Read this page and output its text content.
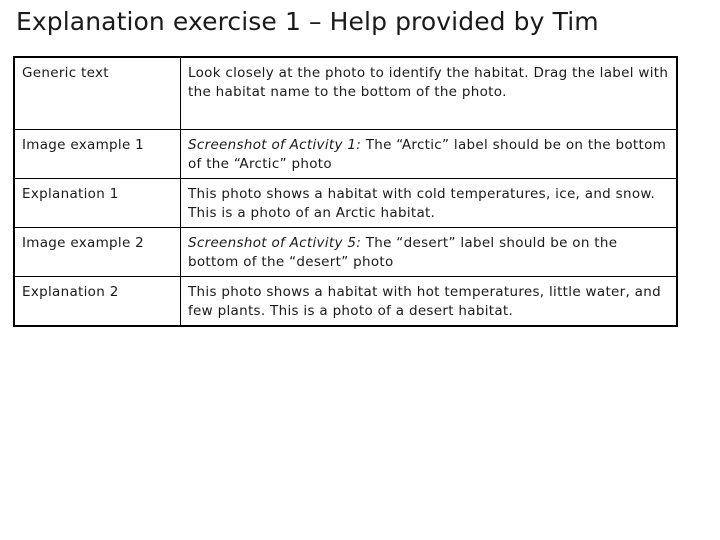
Explanation exercise 1 – Help provided by Tim
Generic text	Look closely at the photo to identify the habitat. Drag the label with the habitat name to the bottom of the photo.
Image example 1	Screenshot of Activity 1: The “Arctic” label should be on the bottom of the “Arctic” photo
Explanation 1	This photo shows a habitat with cold temperatures, ice, and snow. This is a photo of an Arctic habitat.
Image example 2	Screenshot of Activity 5: The “desert” label should be on the bottom of the “desert” photo
Explanation 2	This photo shows a habitat with hot temperatures, little water, and few plants. This is a photo of a desert habitat.
